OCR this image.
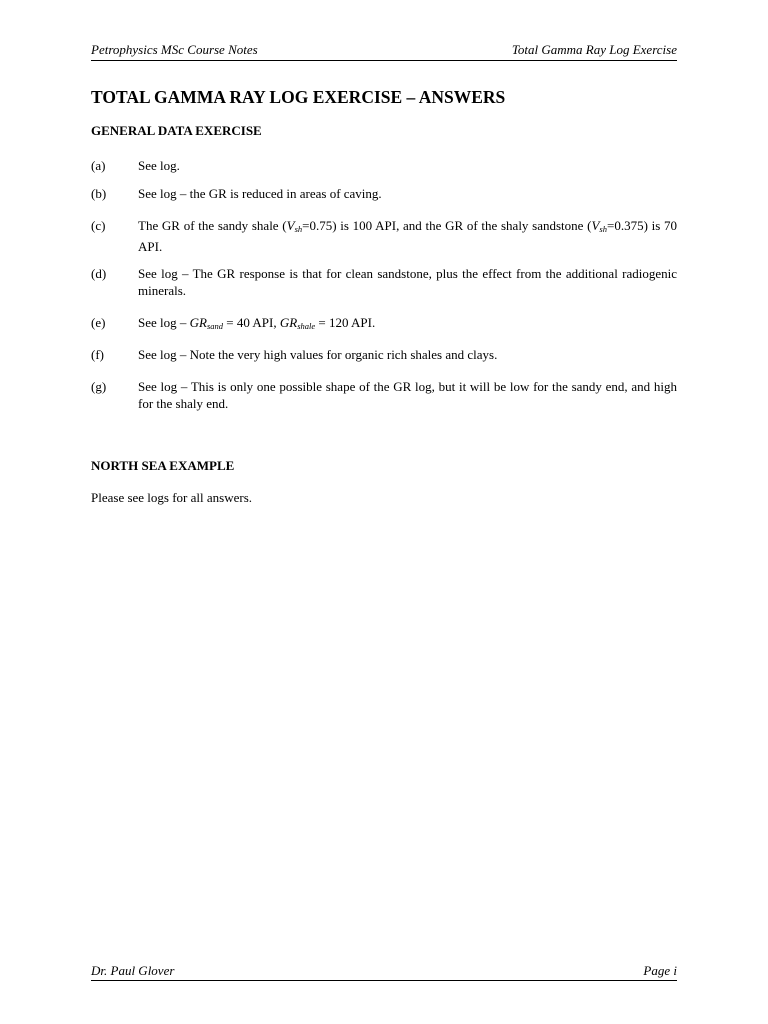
Petrophysics MSc Course Notes	Total Gamma Ray Log Exercise
TOTAL GAMMA RAY LOG EXERCISE – ANSWERS
GENERAL DATA EXERCISE
(a)	See log.
(b) See log – the GR is reduced in areas of caving.
(c)	The GR of the sandy shale $(V_{sh}=0.75)$ is 100 API, and the GR of the shaly sandstone $(V_{sh}=0.375)$ is 70 API.
(d) See log – The GR response is that for clean sandstone, plus the effect from the additional radiogenic minerals.
(e)	See $\log - GR_{sand} = 40$ API, $GR_{shale} = 120$ API.
(f)	See log – Note the very high values for organic rich shales and clays.
(g) See log – This is only one possible shape of the GR log, but it will be low for the sandy end, and high for the shaly end.
NORTH SEA EXAMPLE
Please see logs for all answers.
Dr. Paul Glover	Page i
